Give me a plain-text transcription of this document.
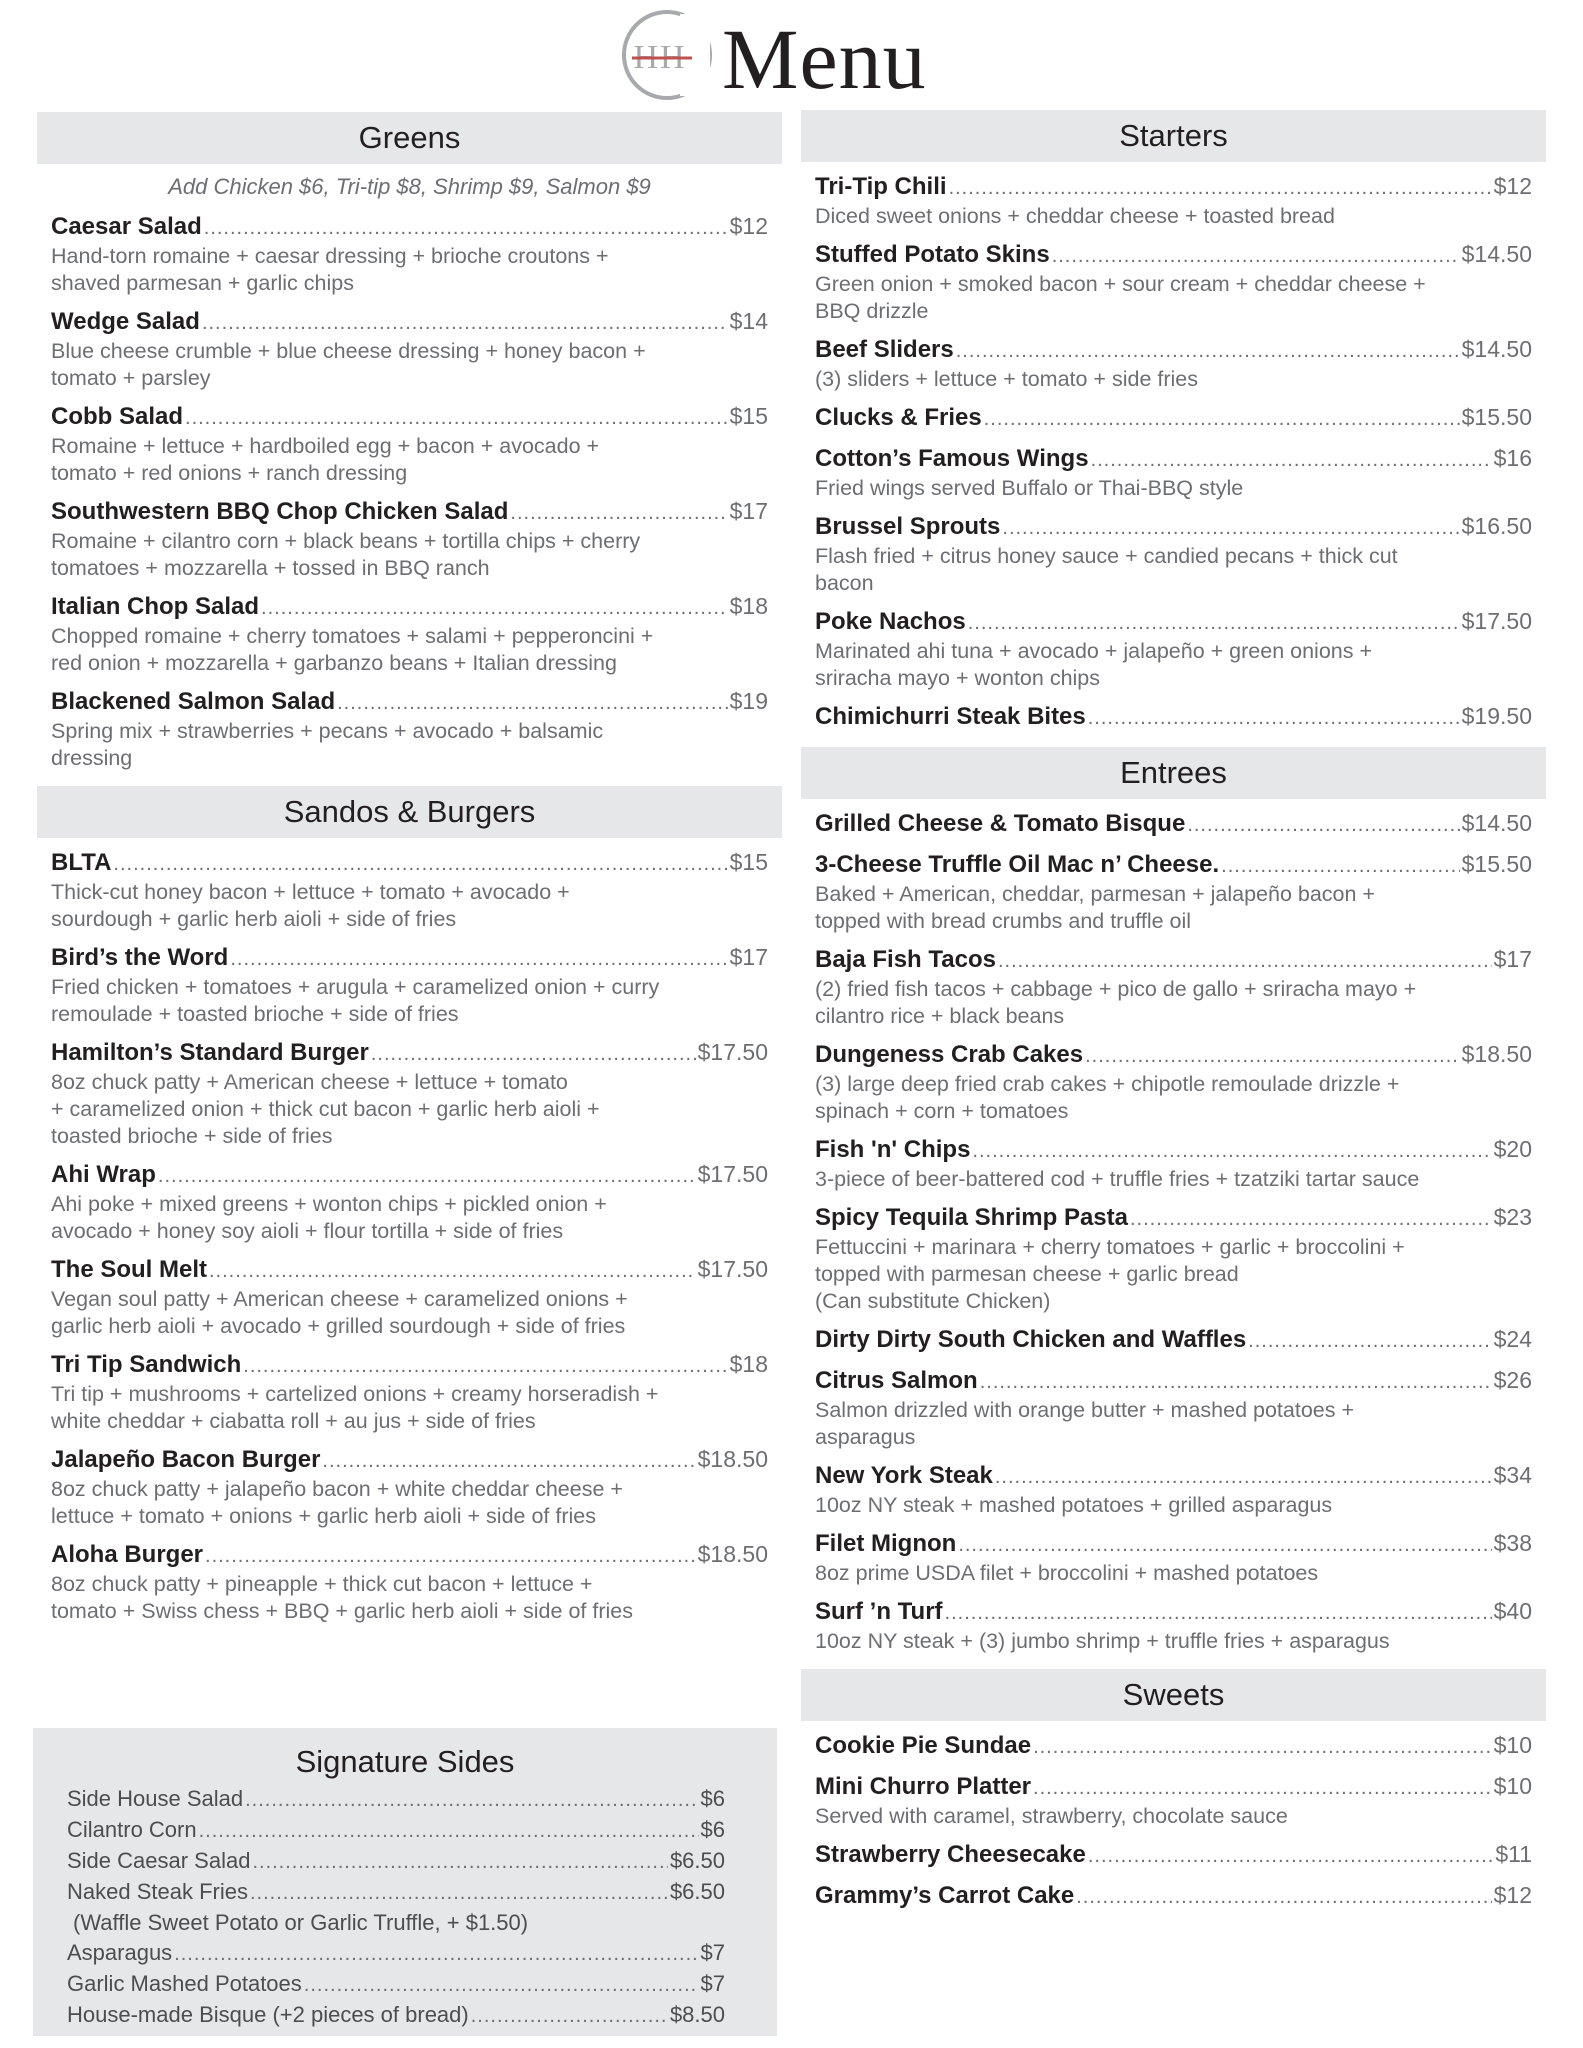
HH Menu
Greens
Add Chicken $6, Tri-tip $8, Shrimp $9, Salmon $9
Caesar Salad .....	$12
Hand-torn romaine + caesar dressing + brioche croutons +
shaved parmesan + garlic chips
Wedge Salad .....	$14
Blue cheese crumble + blue cheese dressing + honey bacon +
tomato + parsley
Cobb Salad .....	$15
Romaine + lettuce + hardboiled egg + bacon + avocado +
tomato + red onions + ranch dressing
Southwestern BBQ Chop Chicken Salad .....	$17
Romaine + cilantro corn + black beans + tortilla chips + cherry
tomatoes + mozzarella + tossed in BBQ ranch
Italian Chop Salad .....	$18
Chopped romaine + cherry tomatoes + salami + pepperoncini +
red onion + mozzarella + garbanzo beans + Italian dressing
Blackened Salmon Salad .....	$19
Spring mix + strawberries + pecans + avocado + balsamic
dressing
Sandos & Burgers
BLTA .....	$15
Thick-cut honey bacon + lettuce + tomato + avocado +
sourdough + garlic herb aioli + side of fries
Bird’s the Word .....	$17
Fried chicken + tomatoes + arugula + caramelized onion + curry
remoulade + toasted brioche + side of fries
Hamilton’s Standard Burger .....	$17.50
8oz chuck patty + American cheese + lettuce + tomato
+ caramelized onion + thick cut bacon + garlic herb aioli +
toasted brioche + side of fries
Ahi Wrap .....	$17.50
Ahi poke + mixed greens + wonton chips + pickled onion +
avocado + honey soy aioli + flour tortilla + side of fries
The Soul Melt .....	$17.50
Vegan soul patty + American cheese + caramelized onions +
garlic herb aioli + avocado + grilled sourdough + side of fries
Tri Tip Sandwich .....	$18
Tri tip + mushrooms + cartelized onions + creamy horseradish +
white cheddar + ciabatta roll + au jus + side of fries
Jalapeño Bacon Burger .....	$18.50
8oz chuck patty + jalapeño bacon + white cheddar cheese +
lettuce + tomato + onions + garlic herb aioli + side of fries
Aloha Burger .....	$18.50
8oz chuck patty + pineapple + thick cut bacon + lettuce +
tomato + Swiss chess + BBQ + garlic herb aioli + side of fries
Signature Sides
Side House Salad .....	$6
Cilantro Corn .....	$6
Side Caesar Salad .....	$6.50
Naked Steak Fries .....	$6.50
(Waffle Sweet Potato or Garlic Truffle, + $1.50)
Asparagus .....	$7
Garlic Mashed Potatoes .....	$7
House-made Bisque (+2 pieces of bread) .....	$8.50
Starters
Tri-Tip Chili .....	$12
Diced sweet onions + cheddar cheese + toasted bread
Stuffed Potato Skins .....	$14.50
Green onion + smoked bacon + sour cream + cheddar cheese +
BBQ drizzle
Beef Sliders .....	$14.50
(3) sliders + lettuce + tomato + side fries
Clucks & Fries .....	$15.50
Cotton’s Famous Wings .....	$16
Fried wings served Buffalo or Thai-BBQ style
Brussel Sprouts .....	$16.50
Flash fried + citrus honey sauce + candied pecans + thick cut
bacon
Poke Nachos .....	$17.50
Marinated ahi tuna + avocado + jalapeño + green onions +
sriracha mayo + wonton chips
Chimichurri Steak Bites .....	$19.50
Entrees
Grilled Cheese & Tomato Bisque .....	$14.50
3-Cheese Truffle Oil Mac n’ Cheese. .....	$15.50
Baked + American, cheddar, parmesan + jalapeño bacon +
topped with bread crumbs and truffle oil
Baja Fish Tacos .....	$17
(2) fried fish tacos + cabbage + pico de gallo + sriracha mayo +
cilantro rice + black beans
Dungeness Crab Cakes .....	$18.50
(3) large deep fried crab cakes + chipotle remoulade drizzle +
spinach + corn + tomatoes
Fish 'n' Chips .....	$20
3-piece of beer-battered cod + truffle fries + tzatziki tartar sauce
Spicy Tequila Shrimp Pasta .....	$23
Fettuccini + marinara + cherry tomatoes + garlic + broccolini +
topped with parmesan cheese + garlic bread
(Can substitute Chicken)
Dirty Dirty South Chicken and Waffles .....	$24
Citrus Salmon .....	$26
Salmon drizzled with orange butter + mashed potatoes +
asparagus
New York Steak .....	$34
10oz NY steak + mashed potatoes + grilled asparagus
Filet Mignon .....	$38
8oz prime USDA filet + broccolini + mashed potatoes
Surf ’n Turf .....	$40
10oz NY steak + (3) jumbo shrimp + truffle fries + asparagus
Sweets
Cookie Pie Sundae .....	$10
Mini Churro Platter .....	$10
Served with caramel, strawberry, chocolate sauce
Strawberry Cheesecake .....	$11
Grammy’s Carrot Cake .....	$12
